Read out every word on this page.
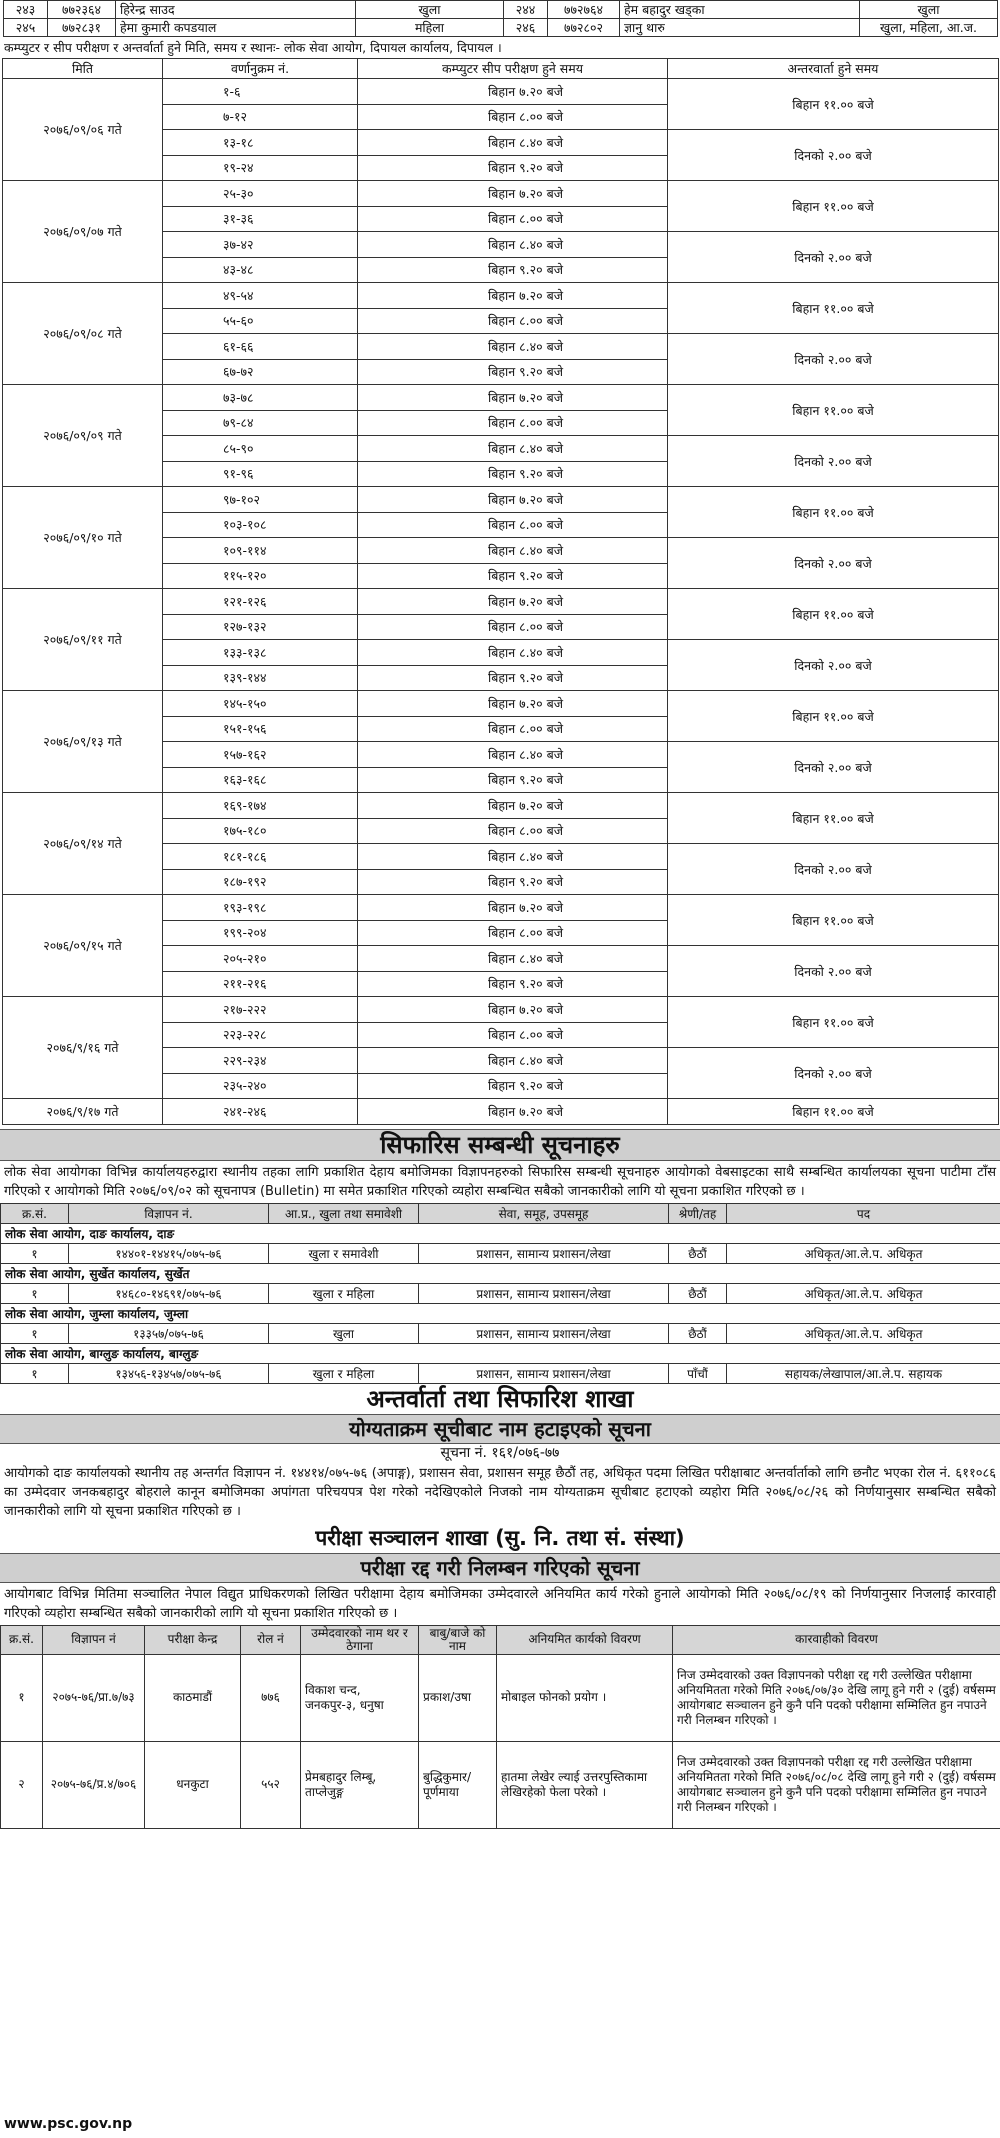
२४३	७७२३६४	हिरेन्द्र साउद	खुला	२४४	७७२७६४	हेम बहादुर खड्का	खुला
२४५	७७२८३१	हेमा कुमारी कपडयाल	महिला	२४६	७७२८०२	ज्ञानु थारु	खुला, महिला, आ.ज.
कम्प्युटर र सीप परीक्षण र अन्तर्वार्ता हुने मिति, समय र स्थानः- लोक सेवा आयोग, दिपायल कार्यालय, दिपायल ।
मिति	वर्णानुक्रम नं.	कम्प्युटर सीप परीक्षण हुने समय	अन्तरवार्ता हुने समय
२०७६/०९/०६ गते	१-६	बिहान ७.२० बजे	बिहान ११.०० बजे
	७-१२	बिहान ८.०० बजे	
	१३-१८	बिहान ८.४० बजे	दिनको २.०० बजे
	१९-२४	बिहान ९.२० बजे	
२०७६/०९/०७ गते	२५-३०	बिहान ७.२० बजे	बिहान ११.०० बजे
	३१-३६	बिहान ८.०० बजे	
	३७-४२	बिहान ८.४० बजे	दिनको २.०० बजे
	४३-४८	बिहान ९.२० बजे	
२०७६/०९/०८ गते	४९-५४	बिहान ७.२० बजे	बिहान ११.०० बजे
	५५-६०	बिहान ८.०० बजे	
	६१-६६	बिहान ८.४० बजे	दिनको २.०० बजे
	६७-७२	बिहान ९.२० बजे	
२०७६/०९/०९ गते	७३-७८	बिहान ७.२० बजे	बिहान ११.०० बजे
	७९-८४	बिहान ८.०० बजे	
	८५-९०	बिहान ८.४० बजे	दिनको २.०० बजे
	९१-९६	बिहान ९.२० बजे	
२०७६/०९/१० गते	९७-१०२	बिहान ७.२० बजे	बिहान ११.०० बजे
	१०३-१०८	बिहान ८.०० बजे	
	१०९-११४	बिहान ८.४० बजे	दिनको २.०० बजे
	११५-१२०	बिहान ९.२० बजे	
२०७६/०९/११ गते	१२१-१२६	बिहान ७.२० बजे	बिहान ११.०० बजे
	१२७-१३२	बिहान ८.०० बजे	
	१३३-१३८	बिहान ८.४० बजे	दिनको २.०० बजे
	१३९-१४४	बिहान ९.२० बजे	
२०७६/०९/१३ गते	१४५-१५०	बिहान ७.२० बजे	बिहान ११.०० बजे
	१५१-१५६	बिहान ८.०० बजे	
	१५७-१६२	बिहान ८.४० बजे	दिनको २.०० बजे
	१६३-१६८	बिहान ९.२० बजे	
२०७६/०९/१४ गते	१६९-१७४	बिहान ७.२० बजे	बिहान ११.०० बजे
	१७५-१८०	बिहान ८.०० बजे	
	१८१-१८६	बिहान ८.४० बजे	दिनको २.०० बजे
	१८७-१९२	बिहान ९.२० बजे	
२०७६/०९/१५ गते	१९३-१९८	बिहान ७.२० बजे	बिहान ११.०० बजे
	१९९-२०४	बिहान ८.०० बजे	
	२०५-२१०	बिहान ८.४० बजे	दिनको २.०० बजे
	२११-२१६	बिहान ९.२० बजे	
२०७६/९/१६ गते	२१७-२२२	बिहान ७.२० बजे	बिहान ११.०० बजे
	२२३-२२८	बिहान ८.०० बजे	
	२२९-२३४	बिहान ८.४० बजे	दिनको २.०० बजे
	२३५-२४०	बिहान ९.२० बजे	
२०७६/९/१७ गते	२४१-२४६	बिहान ७.२० बजे	बिहान ११.०० बजे
सिफारिस सम्बन्धी सूचनाहरु
लोक सेवा आयोगका विभिन्न कार्यालयहरुद्वारा स्थानीय तहका लागि प्रकाशित देहाय बमोजिमका विज्ञापनहरुको सिफारिस सम्बन्धी सूचनाहरु आयोगको वेबसाइटका साथै सम्बन्धित कार्यालयका सूचना पाटीमा टाँस गरिएको र आयोगको मिति २०७६/०९/०२ को सूचनापत्र (Bulletin) मा समेत प्रकाशित गरिएको व्यहोरा सम्बन्धित सबैको जानकारीको लागि यो सूचना प्रकाशित गरिएको छ ।
क्र.सं.	विज्ञापन नं.	आ.प्र., खुला तथा समावेशी	सेवा, समूह, उपसमूह	श्रेणी/तह	पद
लोक सेवा आयोग, दाङ कार्यालय, दाङ					
१	१४४०१-१४४१५/०७५-७६	खुला र समावेशी	प्रशासन, सामान्य प्रशासन/लेखा	छैठौं	अधिकृत/आ.ले.प. अधिकृत
लोक सेवा आयोग, सुर्खेत कार्यालय, सुर्खेत					
१	१४६८०-१४६९१/०७५-७६	खुला र महिला	प्रशासन, सामान्य प्रशासन/लेखा	छैठौं	अधिकृत/आ.ले.प. अधिकृत
लोक सेवा आयोग, जुम्ला कार्यालय, जुम्ला					
१	१३३५७/०७५-७६	खुला	प्रशासन, सामान्य प्रशासन/लेखा	छैठौं	अधिकृत/आ.ले.प. अधिकृत
लोक सेवा आयोग, बाग्लुङ कार्यालय, बाग्लुङ					
१	१३४५६-१३४५७/०७५-७६	खुला र महिला	प्रशासन, सामान्य प्रशासन/लेखा	पाँचौं	सहायक/लेखापाल/आ.ले.प. सहायक
अन्तर्वार्ता तथा सिफारिश शाखा
योग्यताक्रम सूचीबाट नाम हटाइएको सूचना
सूचना नं. १६१/०७६-७७
आयोगको दाङ कार्यालयको स्थानीय तह अन्तर्गत विज्ञापन नं. १४४१४/०७५-७६ (अपाङ्ग), प्रशासन सेवा, प्रशासन समूह छैठौं तह, अधिकृत पदमा लिखित परीक्षाबाट अन्तर्वार्ताको लागि छनौट भएका रोल नं. ६११०८६ का उम्मेदवार जनकबहादुर बोहराले कानून बमोजिमका अपांगता परिचयपत्र पेश गरेको नदेखिएकोले निजको नाम योग्यताक्रम सूचीबाट हटाएको व्यहोरा मिति २०७६/०८/२६ को निर्णयानुसार सम्बन्धित सबैको जानकारीको लागि यो सूचना प्रकाशित गरिएको छ ।
परीक्षा सञ्चालन शाखा (सु. नि. तथा सं. संस्था)
परीक्षा रद्द गरी निलम्बन गरिएको सूचना
आयोगबाट विभिन्न मितिमा सञ्चालित नेपाल विद्युत प्राधिकरणको लिखित परीक्षामा देहाय बमोजिमका उम्मेदवारले अनियमित कार्य गरेको हुनाले आयोगको मिति २०७६/०८/१९ को निर्णयानुसार निजलाई कारवाही गरिएको व्यहोरा सम्बन्धित सबैको जानकारीको लागि यो सूचना प्रकाशित गरिएको छ ।
क्र.सं.	विज्ञापन नं	परीक्षा केन्द्र	रोल नं	उम्मेदवारको नाम थर र ठेगाना	बाबु/बाजे को नाम	अनियमित कार्यको विवरण	कारवाहीको विवरण
१	२०७५-७६/प्रा.७/७३	काठमाडौं	७७६	विकाश चन्द, जनकपुर-३, धनुषा	प्रकाश/उषा	मोबाइल फोनको प्रयोग ।	निज उम्मेदवारको उक्त विज्ञापनको परीक्षा रद्द गरी उल्लेखित परीक्षामा अनियमितता गरेको मिति २०७६/०७/३० देखि लागू हुने गरी २ (दुई) वर्षसम्म आयोगबाट सञ्चालन हुने कुनै पनि पदको परीक्षामा सम्मिलित हुन नपाउने गरी निलम्बन गरिएको ।
२	२०७५-७६/प्र.४/७०६	धनकुटा	५५२	प्रेमबहादुर लिम्बू, ताप्लेजुङ्ग	बुद्धिकुमार/पूर्णमाया	हातमा लेखेर ल्याई उत्तरपुस्तिकामा लेखिरहेको फेला परेको ।	निज उम्मेदवारको उक्त विज्ञापनको परीक्षा रद्द गरी उल्लेखित परीक्षामा अनियमितता गरेको मिति २०७६/०८/०८ देखि लागू हुने गरी २ (दुई) वर्षसम्म आयोगबाट सञ्चालन हुने कुनै पनि पदको परीक्षामा सम्मिलित हुन नपाउने गरी निलम्बन गरिएको ।
www.psc.gov.np
